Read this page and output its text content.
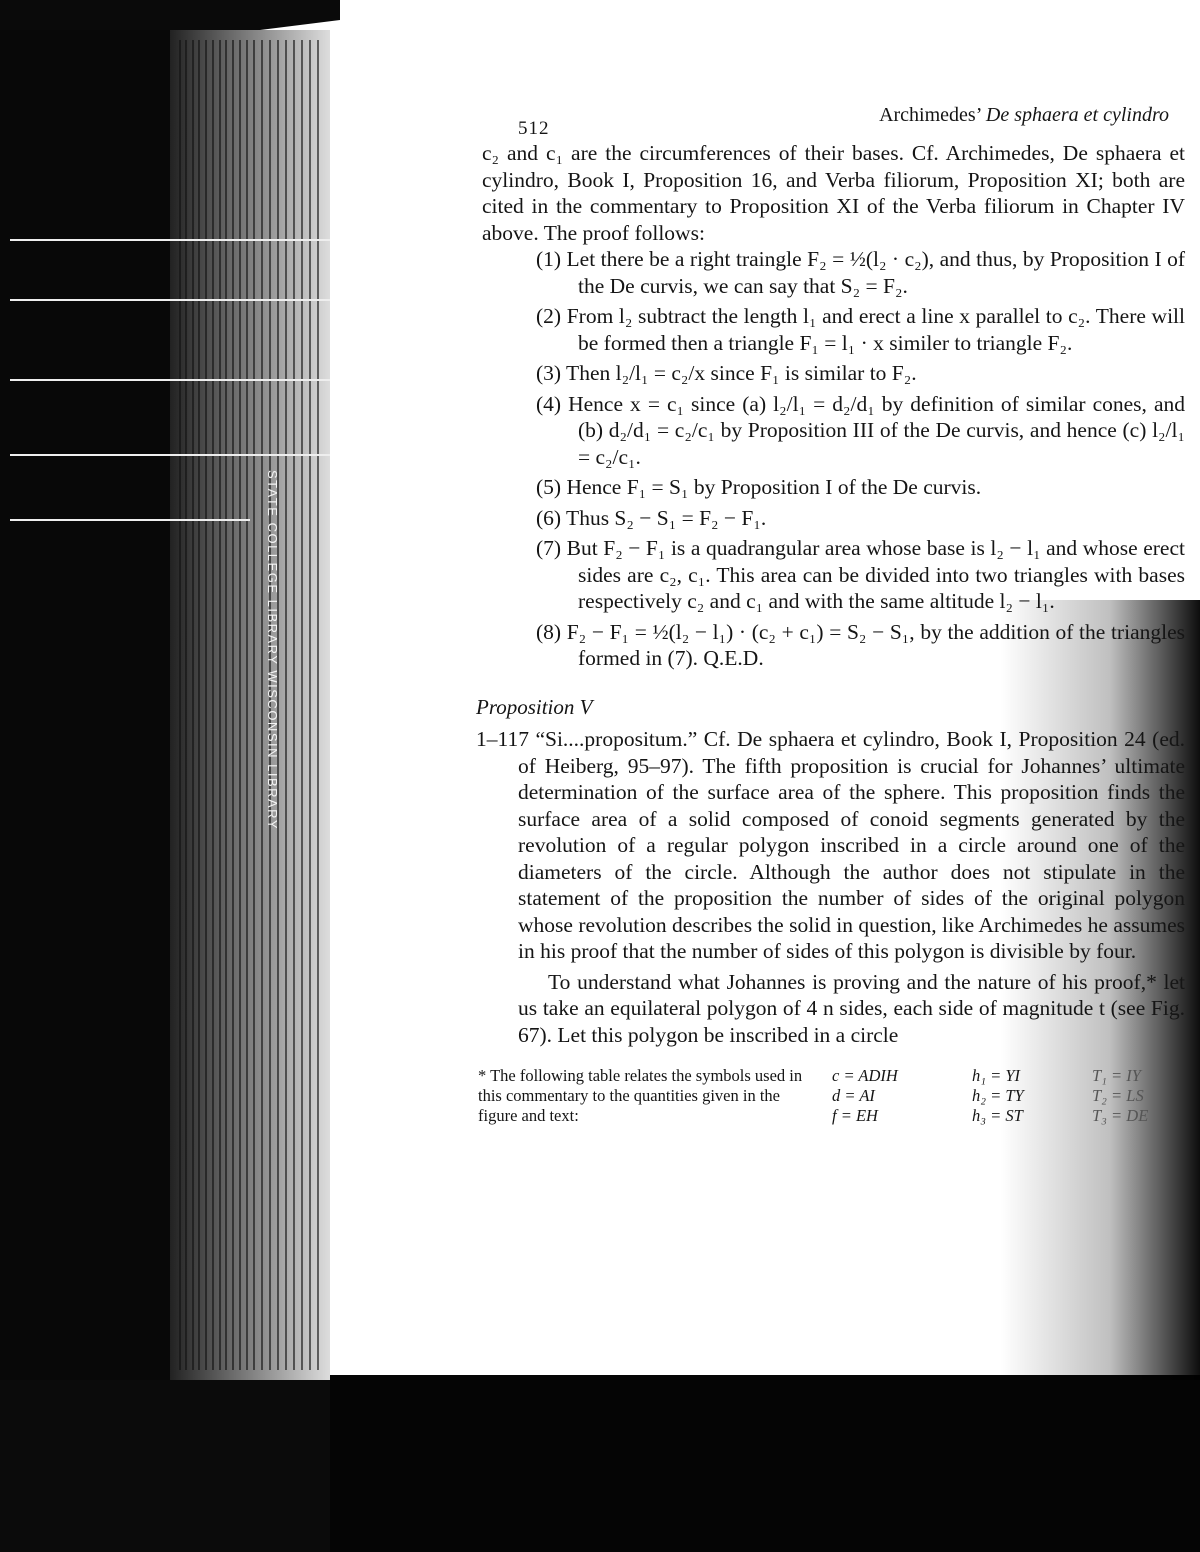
STATE COLLEGE LIBRARY WISCONSIN LIBRARY
512
Archimedes’ De sphaera et cylindro

c₂ and c₁ are the circumferences of their bases. Cf. Archimedes, De sphaera et cylindro, Book I, Proposition 16, and Verba filiorum, Proposition XI; both are cited in the commentary to Proposition XI of the Verba filiorum in Chapter IV above. The proof follows:

(1) Let there be a right traingle F₂ = ½(l₂ · c₂), and thus, by Proposition I of the De curvis, we can say that S₂ = F₂.

(2) From l₂ subtract the length l₁ and erect a line x parallel to c₂. There will be formed then a triangle F₁ = l₁ · x similer to triangle F₂.

(3) Then l₂/l₁ = c₂/x since F₁ is similar to F₂.

(4) Hence x = c₁ since (a) l₂/l₁ = d₂/d₁ by definition of similar cones, and (b) d₂/d₁ = c₂/c₁ by Proposition III of the De curvis, and hence (c) l₂/l₁ = c₂/c₁.

(5) Hence F₁ = S₁ by Proposition I of the De curvis.

(6) Thus S₂ − S₁ = F₂ − F₁.

(7) But F₂ − F₁ is a quadrangular area whose base is l₂ − l₁ and whose erect sides are c₂, c₁. This area can be divided into two triangles with bases respectively c₂ and c₁ and with the same altitude l₂ − l₁.

(8) F₂ − F₁ = ½(l₂ − l₁) · (c₂ + c₁) = S₂ − S₁, by the addition of the triangles formed in (7). Q.E.D.

Proposition V

1–117 “Si....propositum.” Cf. De sphaera et cylindro, Book I, Proposition 24 (ed. of Heiberg, 95–97). The fifth proposition is crucial for Johannes’ ultimate determination of the surface area of the sphere. This proposition finds the surface area of a solid composed of conoid segments generated by the revolution of a regular polygon inscribed in a circle around one of the diameters of the circle. Although the author does not stipulate in the statement of the proposition the number of sides of the original polygon whose revolution describes the solid in question, like Archimedes he assumes in his proof that the number of sides of this polygon is divisible by four.

To understand what Johannes is proving and the nature of his proof,* let us take an equilateral polygon of 4 n sides, each side of magnitude t (see Fig. 67). Let this polygon be inscribed in a circle

* The following table relates the symbols used in this commentary to the quantities given in the figure and text:
c = ADIH
d = AI
f = EH
h₁ = YI
h₂ = TY
h₃ = ST
T₁ = IY
T₂ = LS
T₃ = DE
